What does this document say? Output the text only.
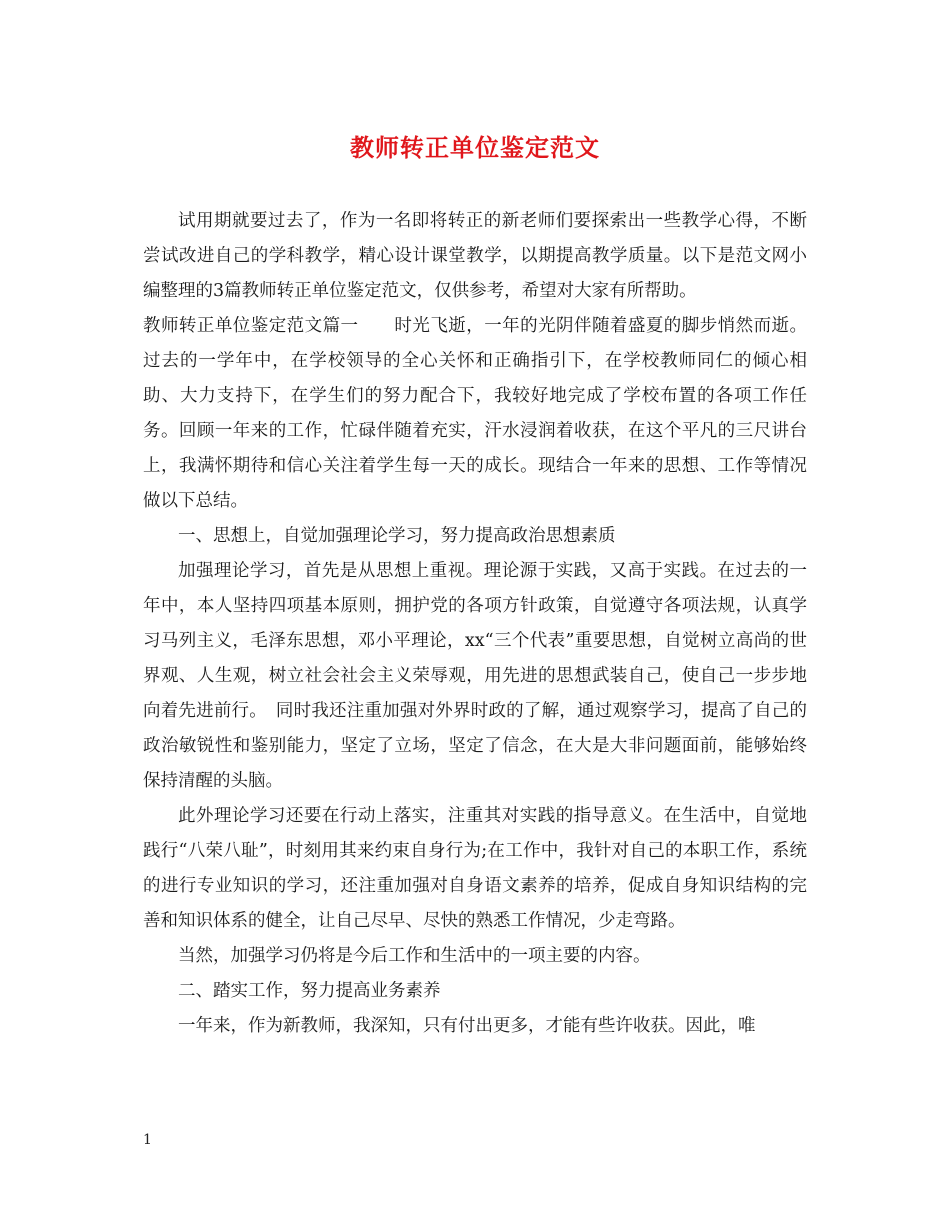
教师转正单位鉴定范文

试用期就要过去了，作为一名即将转正的新老师们要探索出一些教学心得，不断尝试改进自己的学科教学，精心设计课堂教学，以期提高教学质量。以下是范文网小编整理的3篇教师转正单位鉴定范文，仅供参考，希望对大家有所帮助。

教师转正单位鉴定范文篇一　　时光飞逝，一年的光阴伴随着盛夏的脚步悄然而逝。过去的一学年中，在学校领导的全心关怀和正确指引下，在学校教师同仁的倾心相助、大力支持下，在学生们的努力配合下，我较好地完成了学校布置的各项工作任务。回顾一年来的工作，忙碌伴随着充实，汗水浸润着收获，在这个平凡的三尺讲台上，我满怀期待和信心关注着学生每一天的成长。现结合一年来的思想、工作等情况做以下总结。

一、思想上，自觉加强理论学习，努力提高政治思想素质

加强理论学习，首先是从思想上重视。理论源于实践，又高于实践。在过去的一年中，本人坚持四项基本原则，拥护党的各项方针政策，自觉遵守各项法规，认真学习马列主义，毛泽东思想，邓小平理论，xx“三个代表”重要思想，自觉树立高尚的世界观、人生观，树立社会社会主义荣辱观，用先进的思想武装自己，使自己一步步地向着先进前行。　同时我还注重加强对外界时政的了解，通过观察学习，提高了自己的政治敏锐性和鉴别能力，坚定了立场，坚定了信念，在大是大非问题面前，能够始终保持清醒的头脑。

此外理论学习还要在行动上落实，注重其对实践的指导意义。在生活中，自觉地践行“八荣八耻”，时刻用其来约束自身行为;在工作中，我针对自己的本职工作，系统的进行专业知识的学习，还注重加强对自身语文素养的培养，促成自身知识结构的完善和知识体系的健全，让自己尽早、尽快的熟悉工作情况，少走弯路。

当然，加强学习仍将是今后工作和生活中的一项主要的内容。

二、踏实工作，努力提高业务素养

一年来，作为新教师，我深知，只有付出更多，才能有些许收获。因此，唯

1
